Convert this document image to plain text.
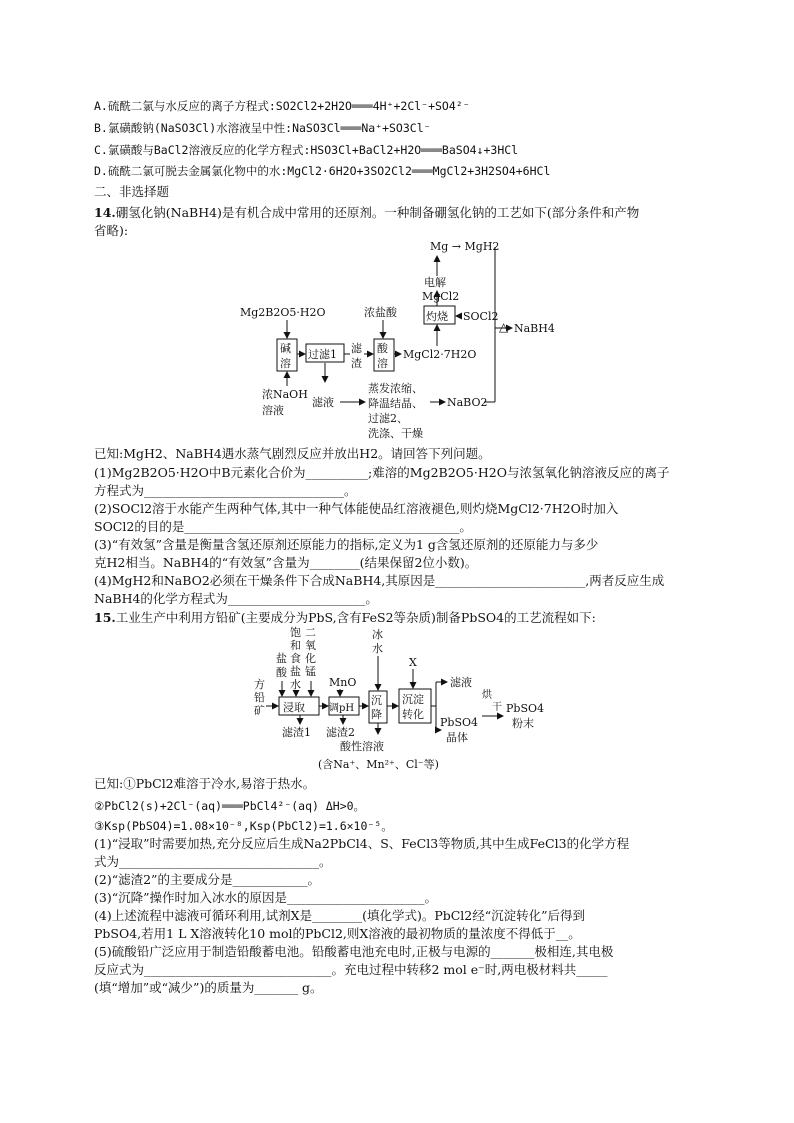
A.硫酰二氯与水反应的离子方程式:SO2Cl2+2H2O═══4H⁺+2Cl⁻+SO4²⁻
B.氯磺酸钠(NaSO3Cl)水溶液呈中性:NaSO3Cl═══Na⁺+SO3Cl⁻
C.氯磺酸与BaCl2溶液反应的化学方程式:HSO3Cl+BaCl2+H2O═══BaSO4↓+3HCl
D.硫酰二氯可脱去金属氯化物中的水:MgCl2·6H2O+3SO2Cl2═══MgCl2+3H2SO4+6HCl
二、非选择题
14.硼氢化钠(NaBH4)是有机合成中常用的还原剂。一种制备硼氢化钠的工艺如下(部分条件和产物
省略):
Mg → MgH2
电解
MgCl2
灼烧 SOCl2
△ NaBH4
Mg2B2O5·H2O	浓盐酸
碱
溶
过滤1 滤
渣
酸
溶
MgCl2·7H2O
浓NaOH
溶液
滤液
蒸发浓缩、
降温结晶、
过滤2、
洗涤、干燥
NaBO2
已知:MgH2、NaBH4遇水蒸气剧烈反应并放出H2。请回答下列问题。
(1)Mg2B2O5·H2O中B元素化合价为__________;难溶的Mg2B2O5·H2O与浓氢氧化钠溶液反应的离子
方程式为________________________________。
(2)SOCl2溶于水能产生两种气体,其中一种气体能使品红溶液褪色,则灼烧MgCl2·7H2O时加入
SOCl2的目的是____________________________________________。
(3)“有效氢”含量是衡量含氢还原剂还原能力的指标,定义为1 g含氢还原剂的还原能力与多少
克H2相当。NaBH4的“有效氢”含量为________(结果保留2位小数)。
(4)MgH2和NaBO2必须在干燥条件下合成NaBH4,其原因是________________________,两者反应生成
NaBH4的化学方程式为______________________。
15.工业生产中利用方铅矿(主要成分为PbS,含有FeS2等杂质)制备PbSO4的工艺流程如下:
方
铅
矿
盐
酸
饱
和
食
盐
水
二
氧
化
锰
浸取
滤渣1
MnO
调pH
滤渣2
冰
水
沉
降
酸性溶液
(含Na⁺、Mn²⁺、Cl⁻等)
X
沉淀
转化
滤液
PbSO4
晶体
烘
干 PbSO4
粉末
已知:①PbCl2难溶于冷水,易溶于热水。
②PbCl2(s)+2Cl⁻(aq)═══PbCl4²⁻(aq) ΔH>0。
③Ksp(PbSO4)=1.08×10⁻⁸,Ksp(PbCl2)=1.6×10⁻⁵。
(1)“浸取”时需要加热,充分反应后生成Na2PbCl4、S、FeCl3等物质,其中生成FeCl3的化学方程
式为________________________________。
(2)“滤渣2”的主要成分是____________。
(3)“沉降”操作时加入冰水的原因是______________________。
(4)上述流程中滤液可循环利用,试剂X是________(填化学式)。PbCl2经“沉淀转化”后得到
PbSO4,若用1 L X溶液转化10 mol的PbCl2,则X溶液的最初物质的量浓度不得低于__。
(5)硫酸铅广泛应用于制造铅酸蓄电池。铅酸蓄电池充电时,正极与电源的_______极相连,其电极
反应式为______________________________。充电过程中转移2 mol e⁻时,两电极材料共_____
(填“增加”或“减少”)的质量为_______ g。
